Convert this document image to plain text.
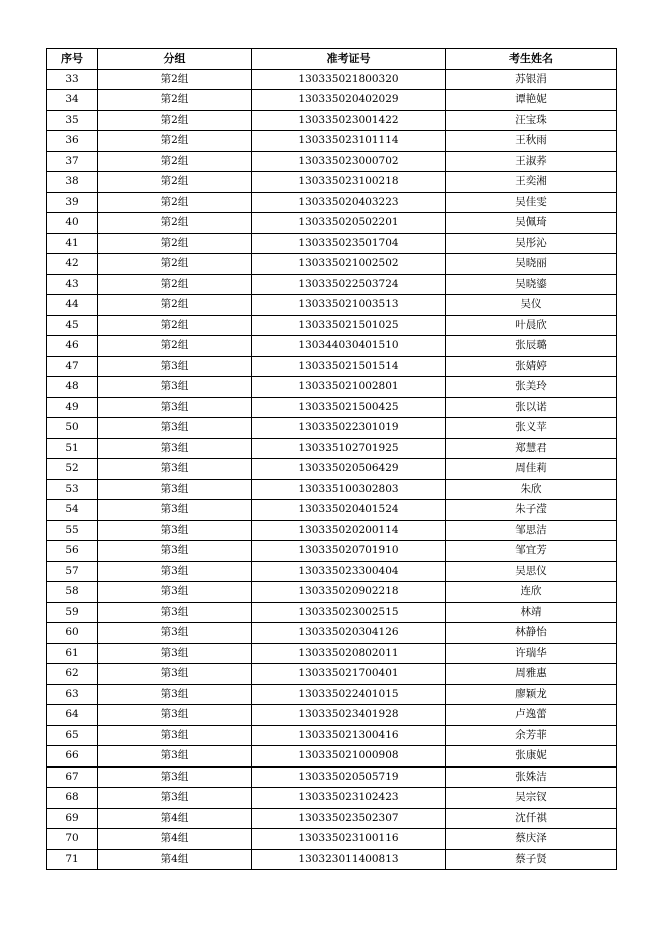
序号	分组	准考证号	考生姓名
33	第2组	130335021800320	苏银涓
34	第2组	130335020402029	谭艳妮
35	第2组	130335023001422	汪宝珠
36	第2组	130335023101114	王秋雨
37	第2组	130335023000702	王淑荞
38	第2组	130335023100218	王奕湘
39	第2组	130335020403223	吴佳雯
40	第2组	130335020502201	吴佩琦
41	第2组	130335023501704	吴彤沁
42	第2组	130335021002502	吴晓丽
43	第2组	130335022503724	吴晓鎏
44	第2组	130335021003513	吴仪
45	第2组	130335021501025	叶晨欣
46	第2组	130344030401510	张辰璐
47	第3组	130335021501514	张婧婷
48	第3组	130335021002801	张美玲
49	第3组	130335021500425	张以诺
50	第3组	130335022301019	张义苹
51	第3组	130335102701925	郑慧君
52	第3组	130335020506429	周佳莉
53	第3组	130335100302803	朱欣
54	第3组	130335020401524	朱子滢
55	第3组	130335020200114	邹思洁
56	第3组	130335020701910	邹宜芳
57	第3组	130335023300404	吴思仪
58	第3组	130335020902218	连欣
59	第3组	130335023002515	林靖
60	第3组	130335020304126	林静怡
61	第3组	130335020802011	许瑞华
62	第3组	130335021700401	周雅惠
63	第3组	130335022401015	廖颖龙
64	第3组	130335023401928	卢逸蕾
65	第3组	130335021300416	余芳菲
66	第3组	130335021000908	张康妮
67	第3组	130335020505719	张姝洁
68	第3组	130335023102423	吴宗钗
69	第4组	130335023502307	沈仟祺
70	第4组	130335023100116	蔡庆泽
71	第4组	130323011400813	蔡子贤
